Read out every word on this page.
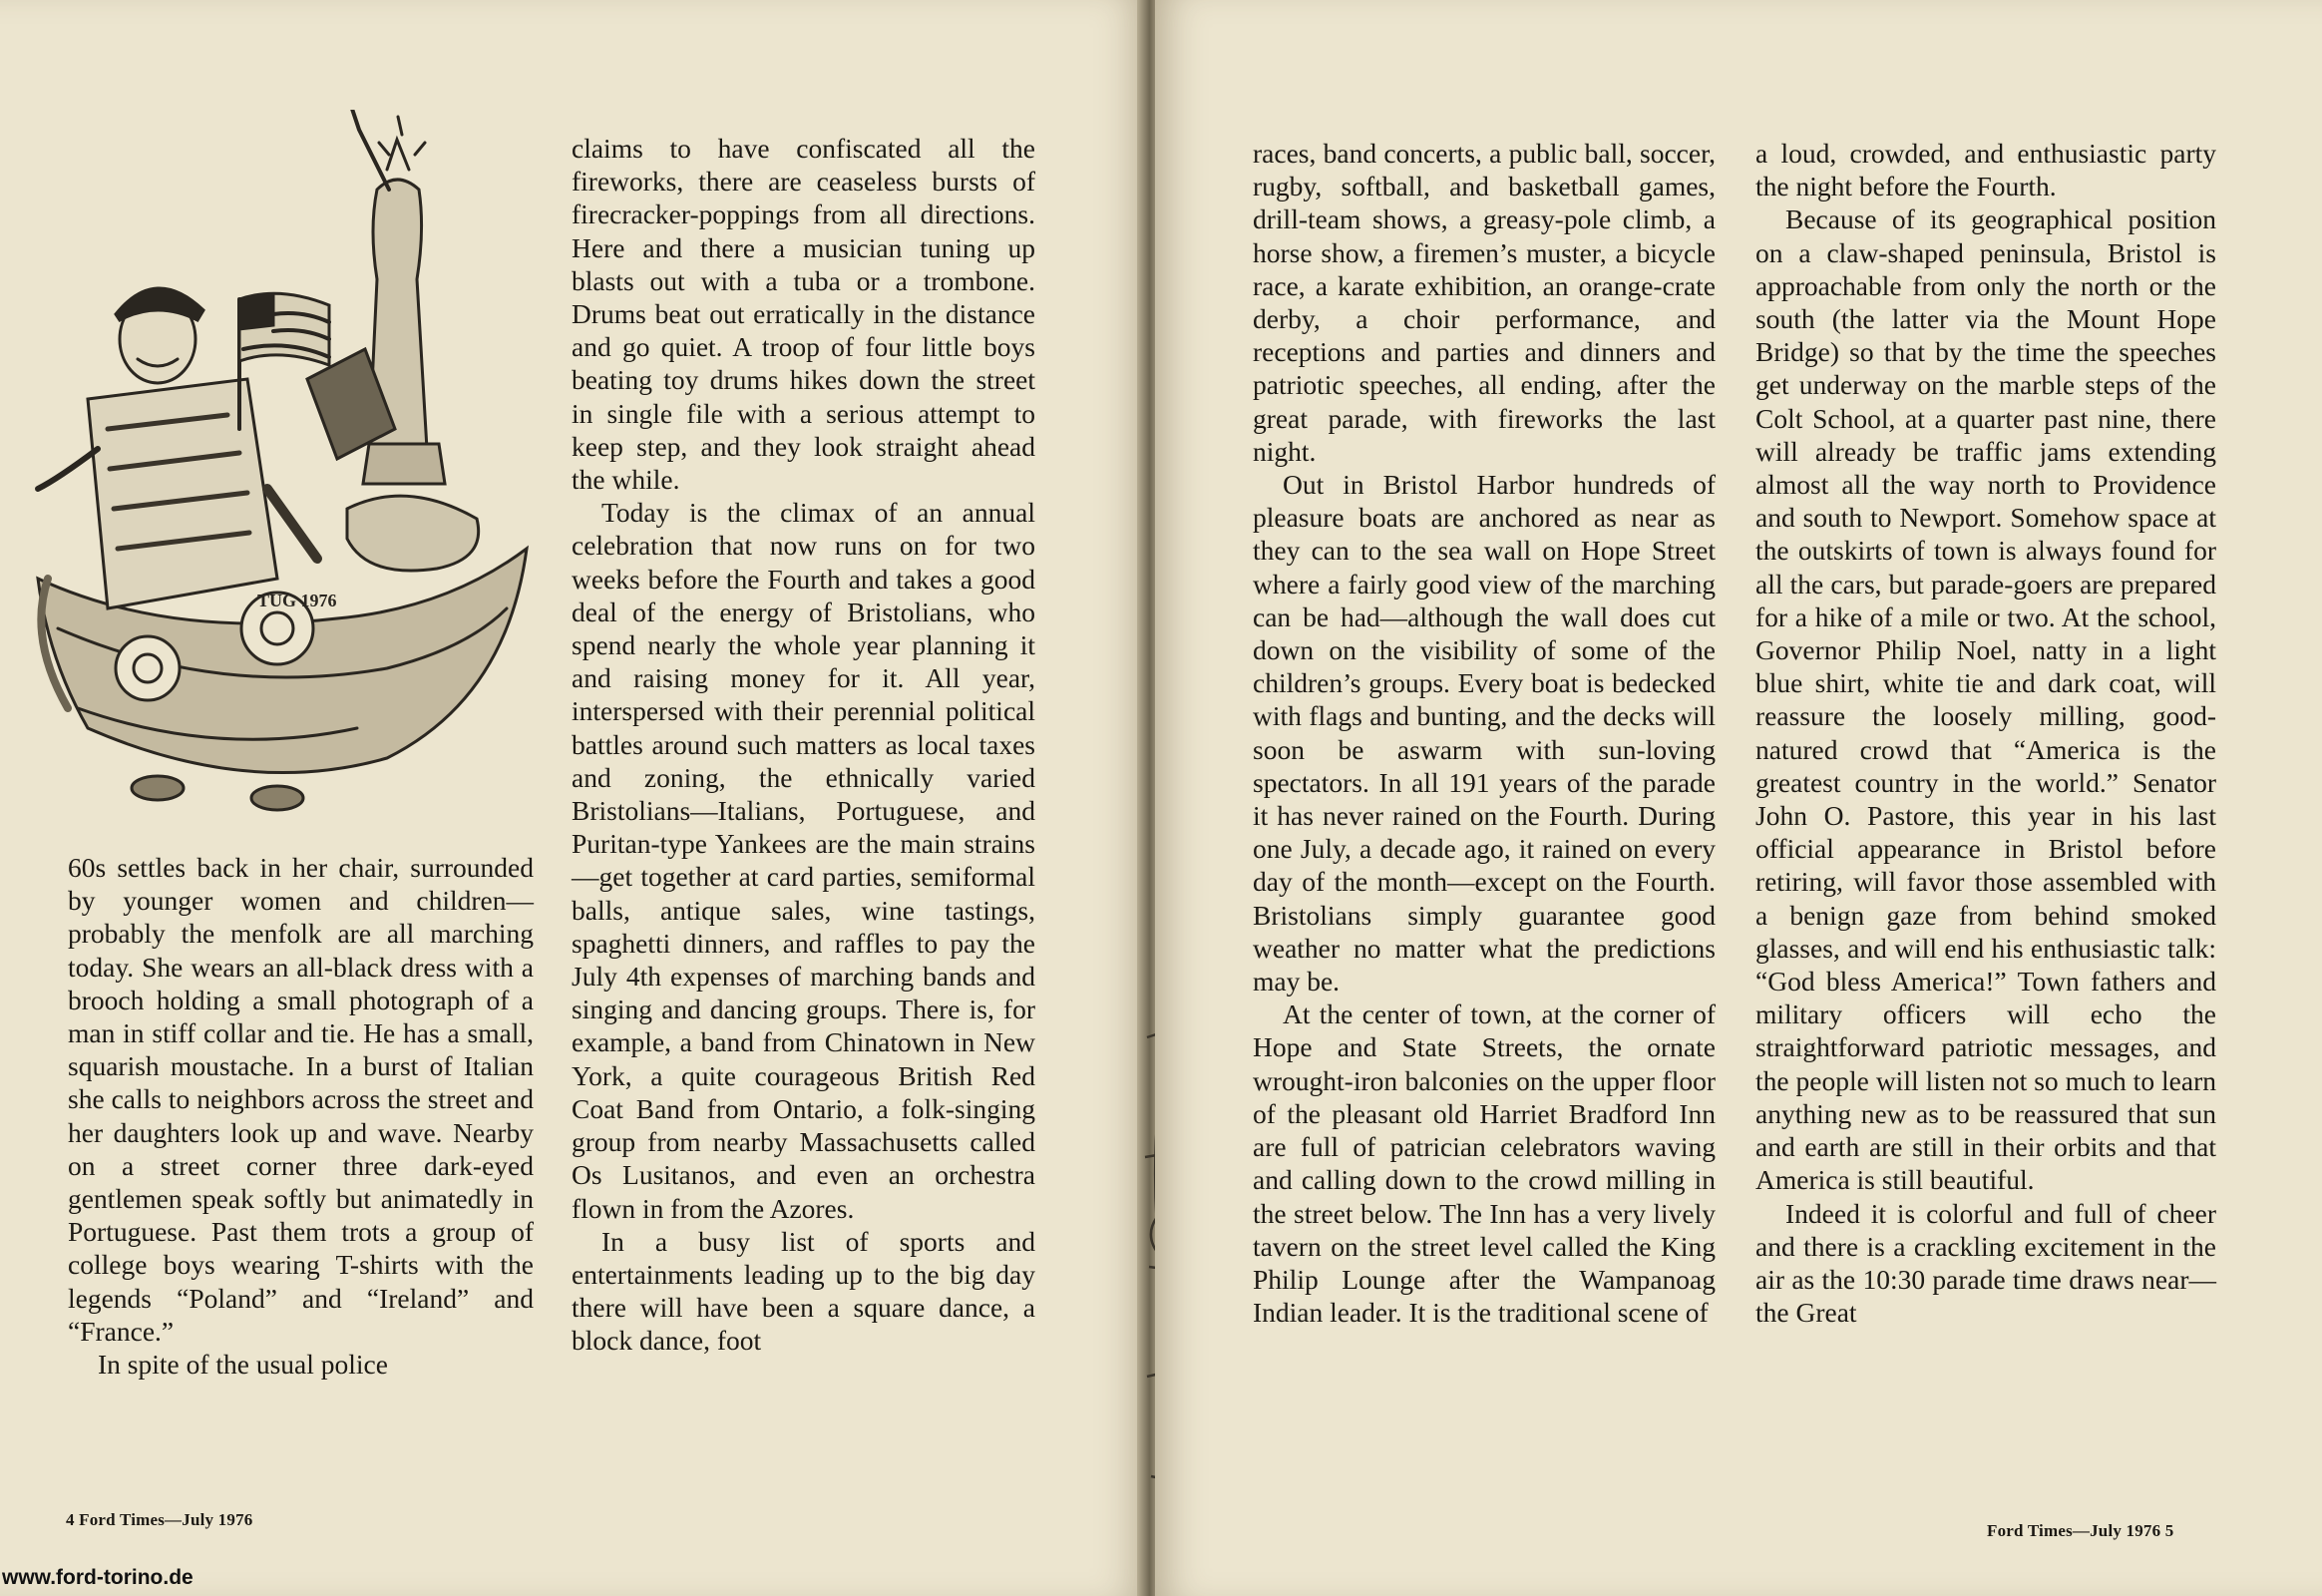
TUG 1976

60s settles back in her chair, surrounded by younger women and children—probably the menfolk are all marching today. She wears an all-black dress with a brooch holding a small photograph of a man in stiff collar and tie. He has a small, squarish moustache. In a burst of Italian she calls to neighbors across the street and her daughters look up and wave. Nearby on a street corner three dark-eyed gentlemen speak softly but animatedly in Portuguese. Past them trots a group of college boys wearing T-shirts with the legends “Poland” and “Ireland” and “France.”

In spite of the usual police

claims to have confiscated all the fireworks, there are ceaseless bursts of firecracker-poppings from all directions. Here and there a musician tuning up blasts out with a tuba or a trombone. Drums beat out erratically in the distance and go quiet. A troop of four little boys beating toy drums hikes down the street in single file with a serious attempt to keep step, and they look straight ahead the while.

Today is the climax of an annual celebration that now runs on for two weeks before the Fourth and takes a good deal of the energy of Bristolians, who spend nearly the whole year planning it and raising money for it. All year, interspersed with their perennial political battles around such matters as local taxes and zoning, the ethnically varied Bristolians—Italians, Portuguese, and Puritan-type Yankees are the main strains—get together at card parties, semiformal balls, antique sales, wine tastings, spaghetti dinners, and raffles to pay the July 4th expenses of marching bands and singing and dancing groups. There is, for example, a band from Chinatown in New York, a quite courageous British Red Coat Band from Ontario, a folk-singing group from nearby Massachusetts called Os Lusitanos, and even an orchestra flown in from the Azores.

In a busy list of sports and entertainments leading up to the big day there will have been a square dance, a block dance, foot

4 Ford Times—July 1976

races, band concerts, a public ball, soccer, rugby, softball, and basketball games, drill-team shows, a greasy-pole climb, a horse show, a firemen’s muster, a bicycle race, a karate exhibition, an orange-crate derby, a choir performance, and receptions and parties and dinners and patriotic speeches, all ending, after the great parade, with fireworks the last night.

Out in Bristol Harbor hundreds of pleasure boats are anchored as near as they can to the sea wall on Hope Street where a fairly good view of the marching can be had—although the wall does cut down on the visibility of some of the children’s groups. Every boat is bedecked with flags and bunting, and the decks will soon be aswarm with sun-loving spectators. In all 191 years of the parade it has never rained on the Fourth. During one July, a decade ago, it rained on every day of the month—except on the Fourth. Bristolians simply guarantee good weather no matter what the predictions may be.

At the center of town, at the corner of Hope and State Streets, the ornate wrought-iron balconies on the upper floor of the pleasant old Harriet Bradford Inn are full of patrician celebrators waving and calling down to the crowd milling in the street below. The Inn has a very lively tavern on the street level called the King Philip Lounge after the Wampanoag Indian leader. It is the traditional scene of

a loud, crowded, and enthusiastic party the night before the Fourth.

Because of its geographical position on a claw-shaped peninsula, Bristol is approachable from only the north or the south (the latter via the Mount Hope Bridge) so that by the time the speeches get underway on the marble steps of the Colt School, at a quarter past nine, there will already be traffic jams extending almost all the way north to Providence and south to Newport. Somehow space at the outskirts of town is always found for all the cars, but parade-goers are prepared for a hike of a mile or two. At the school, Governor Philip Noel, natty in a light blue shirt, white tie and dark coat, will reassure the loosely milling, good-natured crowd that “America is the greatest country in the world.” Senator John O. Pastore, this year in his last official appearance in Bristol before retiring, will favor those assembled with a benign gaze from behind smoked glasses, and will end his enthusiastic talk: “God bless America!” Town fathers and military officers will echo the straightforward patriotic messages, and the people will listen not so much to learn anything new as to be reassured that sun and earth are still in their orbits and that America is still beautiful.

Indeed it is colorful and full of cheer and there is a crackling excitement in the air as the 10:30 parade time draws near—the Great

Ford Times—July 1976 5
www.ford-torino.de
